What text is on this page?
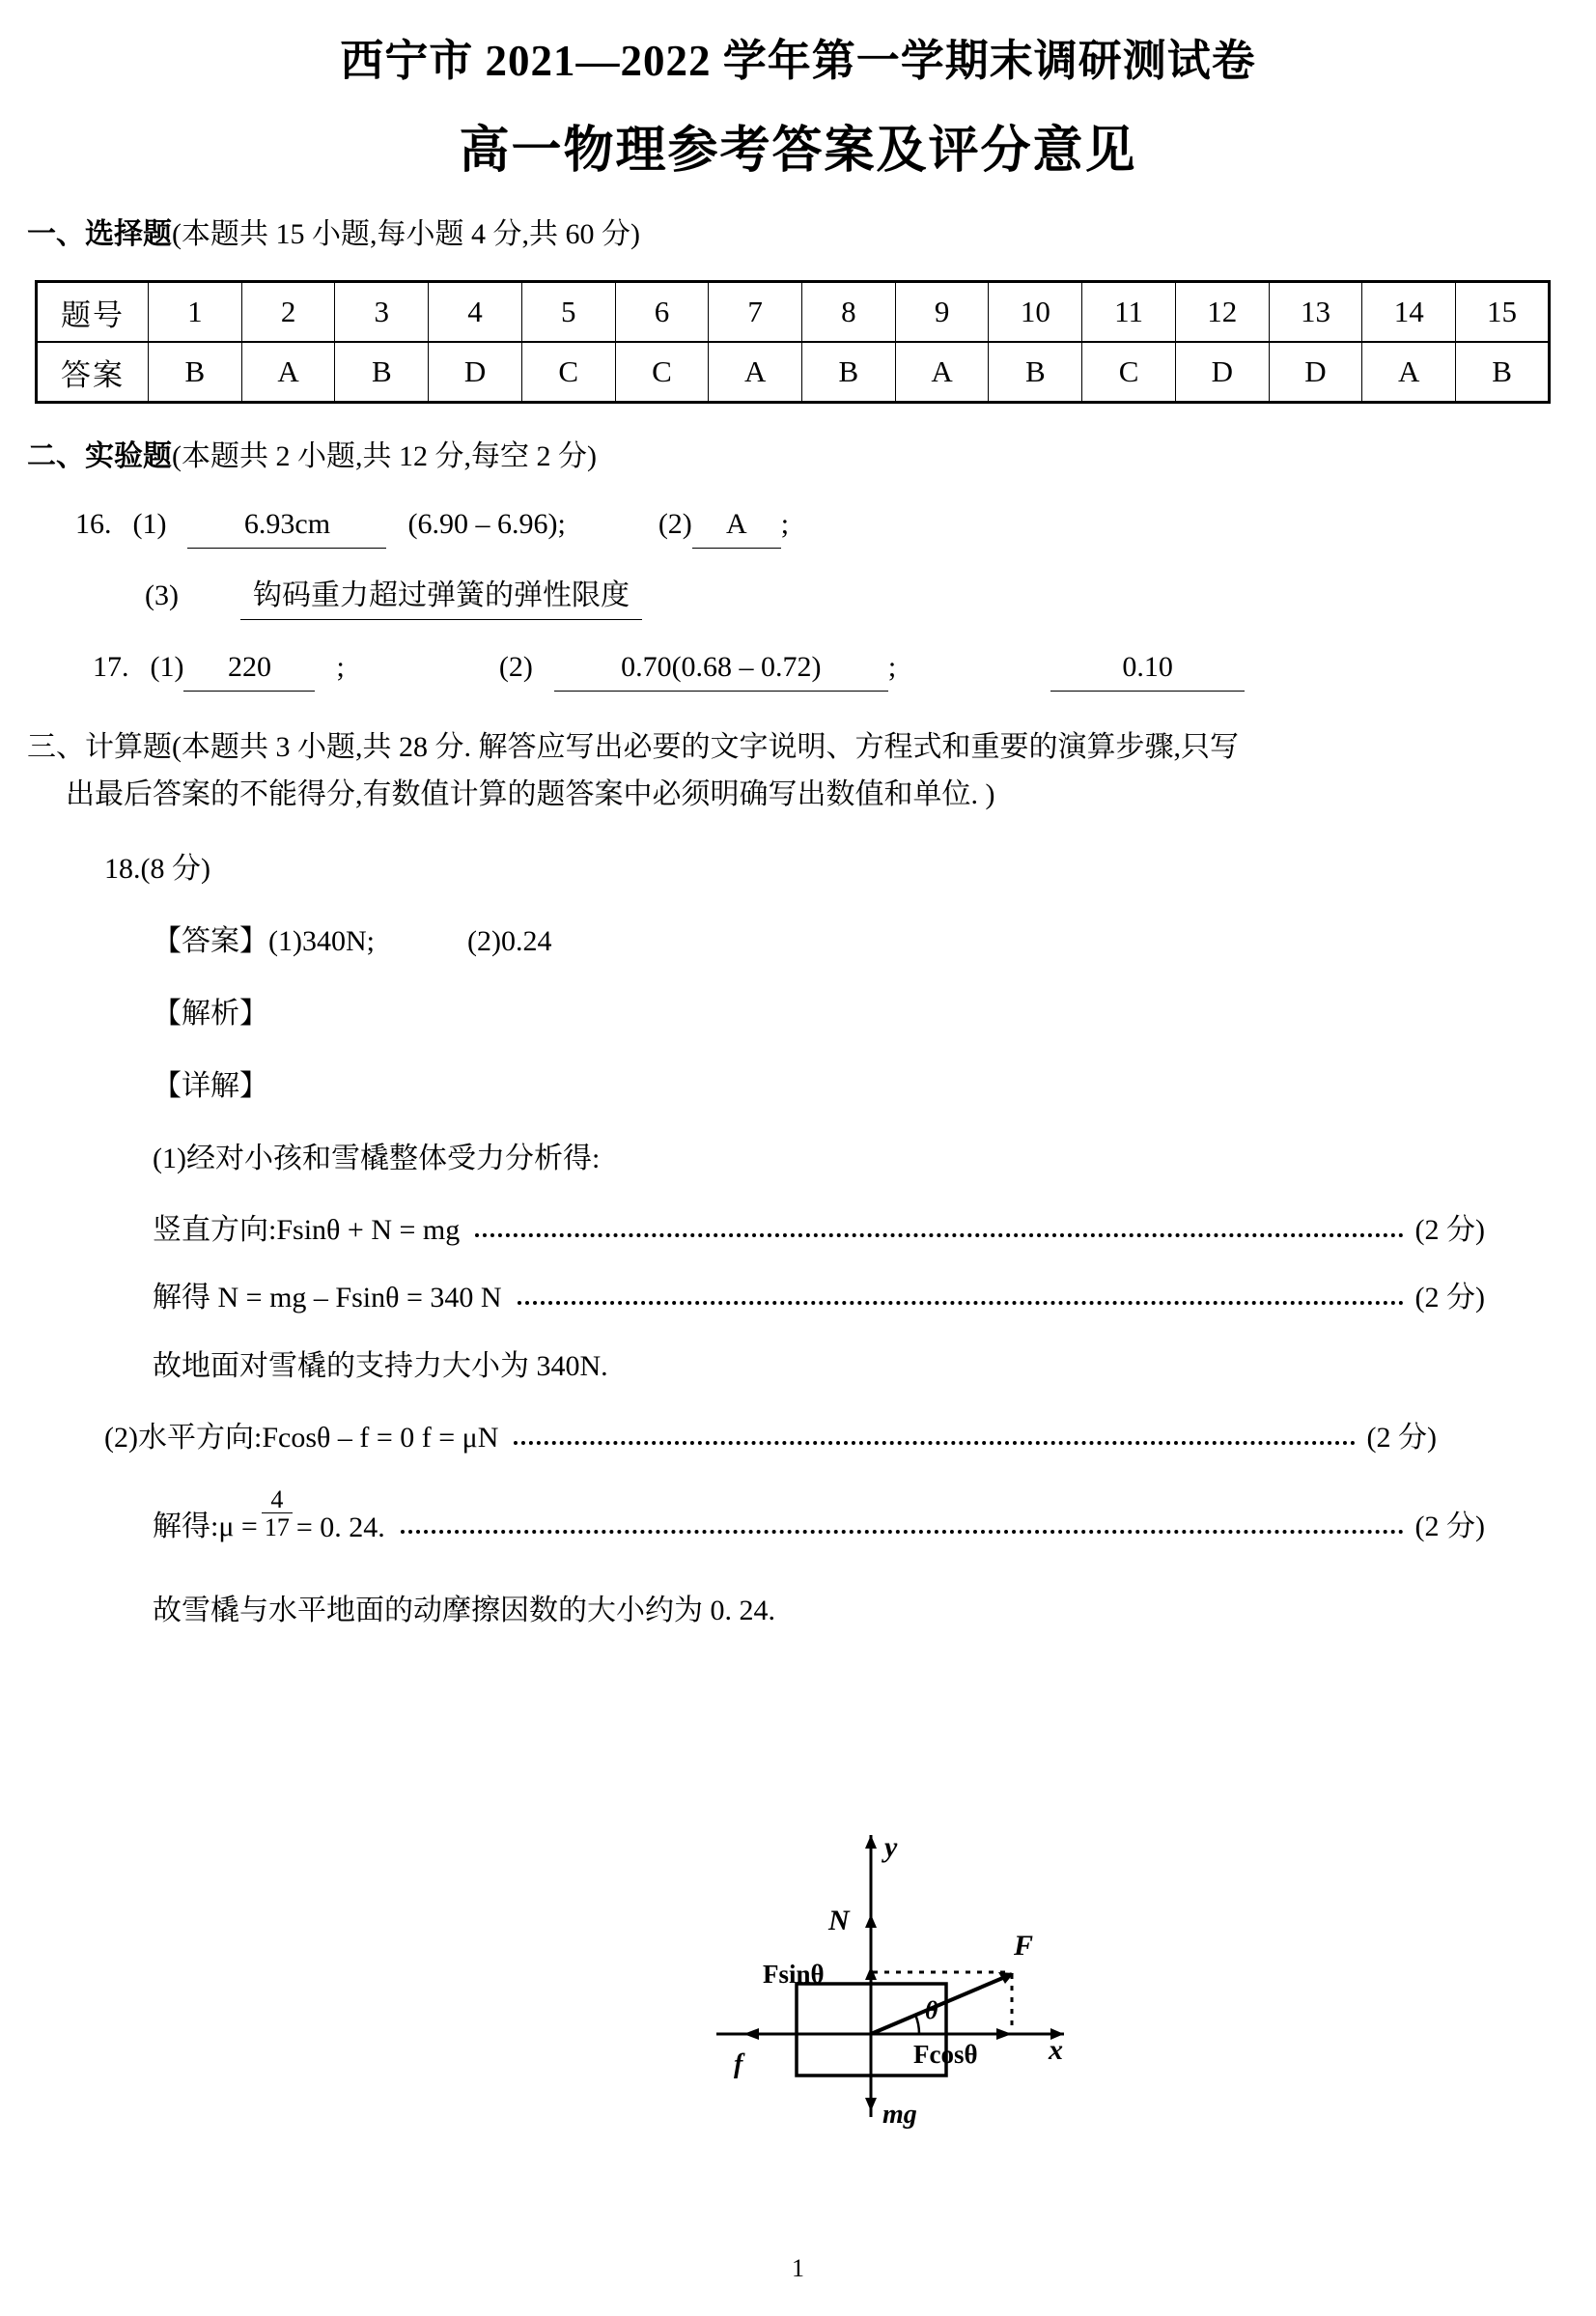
西宁市 2021—2022 学年第一学期末调研测试卷
高一物理参考答案及评分意见
一、选择题(本题共 15 小题,每小题 4 分,共 60 分)
题号	1	2	3	4	5	6	7	8	9	10	11	12	13	14	15
答案	B	A	B	D	C	C	A	B	A	B	C	D	D	A	B
二、实验题(本题共 2 小题,共 12 分,每空 2 分)
16. (1)	6.93cm	(6.90 – 6.96);	(2) A ;
(3)	钩码重力超过弹簧的弹性限度
17. (1) 220 ;	(2)	0.70(0.68 – 0.72) ;	0.10
三、计算题(本题共 3 小题,共 28 分. 解答应写出必要的文字说明、方程式和重要的演算步骤,只写
出最后答案的不能得分,有数值计算的题答案中必须明确写出数值和单位. )
18.(8 分)
【答案】(1)340N;	(2)0.24
【解析】
【详解】
(1)经对小孩和雪橇整体受力分析得:
竖直方向:Fsinθ + N = mg	(2 分)
解得 N = mg – Fsinθ = 340 N	(2 分)
故地面对雪橇的支持力大小为 340N.
(2)水平方向:Fcosθ – f = 0 f = μN	(2 分)
解得:μ = $\frac{4}{17} = 0$. 24.	(2 分)
故雪橇与水平地面的动摩擦因数的大小约为 0. 24.
y
x
N
F
Fsinθ
Fcosθ
f
mg
θ
1
